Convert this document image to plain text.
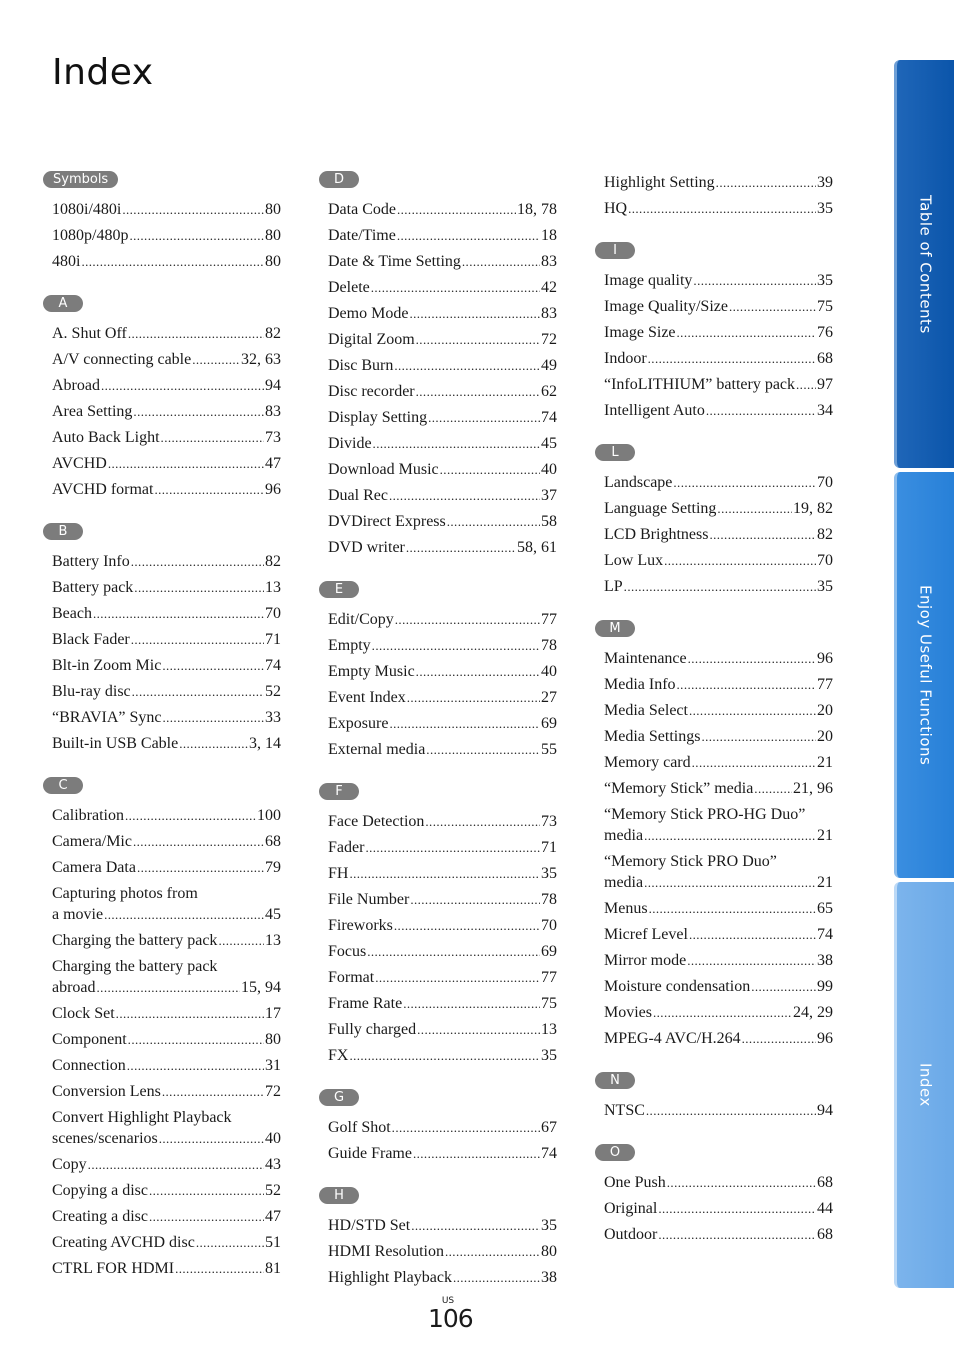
Index
Symbols
1080i/480i .....	80
1080p/480p .....	80
480i .....	80
A
A. Shut Off .....	82
A/V connecting cable .....	32, 63
Abroad .....	94
Area Setting .....	83
Auto Back Light .....	73
AVCHD .....	47
AVCHD format .....	96
B
Battery Info .....	82
Battery pack .....	13
Beach .....	70
Black Fader .....	71
Blt-in Zoom Mic .....	74
Blu-ray disc .....	52
“BRAVIA” Sync .....	33
Built-in USB Cable .....	3, 14
C
Calibration .....	100
Camera/Mic .....	68
Camera Data .....	79
Capturing photos from
a movie .....	45
Charging the battery pack .....	13
Charging the battery pack
abroad .....	15, 94
Clock Set .....	17
Component .....	80
Connection .....	31
Conversion Lens .....	72
Convert Highlight Playback
scenes/scenarios .....	40
Copy .....	43
Copying a disc .....	52
Creating a disc .....	47
Creating AVCHD disc .....	51
CTRL FOR HDMI .....	81
D
Data Code .....	18, 78
Date/Time .....	18
Date & Time Setting .....	83
Delete .....	42
Demo Mode .....	83
Digital Zoom .....	72
Disc Burn .....	49
Disc recorder .....	62
Display Setting .....	74
Divide .....	45
Download Music .....	40
Dual Rec .....	37
DVDirect Express .....	58
DVD writer .....	58, 61
E
Edit/Copy .....	77
Empty .....	78
Empty Music .....	40
Event Index .....	27
Exposure .....	69
External media .....	55
F
Face Detection .....	73
Fader .....	71
FH .....	35
File Number .....	78
Fireworks .....	70
Focus .....	69
Format .....	77
Frame Rate .....	75
Fully charged .....	13
FX .....	35
G
Golf Shot .....	67
Guide Frame .....	74
H
HD/STD Set .....	35
HDMI Resolution .....	80
Highlight Playback .....	38
Highlight Setting .....	39
HQ .....	35
I
Image quality .....	35
Image Quality/Size .....	75
Image Size .....	76
Indoor .....	68
“InfoLITHIUM” battery pack ..... 97
Intelligent Auto .....	34
L
Landscape .....	70
Language Setting .....	19, 82
LCD Brightness .....	82
Low Lux .....	70
LP .....	35
M
Maintenance .....	96
Media Info .....	77
Media Select .....	20
Media Settings .....	20
Memory card .....	21
“Memory Stick” media ..... 21, 96
“Memory Stick PRO-HG Duo”
media .....	21
“Memory Stick PRO Duo”
media .....	21
Menus .....	65
Micref Level .....	74
Mirror mode .....	38
Moisture condensation .....	99
Movies .....	24, 29
MPEG-4 AVC/H.264 .....	96
N
NTSC .....	94
O
One Push .....	68
Original .....	44
Outdoor .....	68
Table of Contents
Enjoy Useful Functions
Index
US
106
